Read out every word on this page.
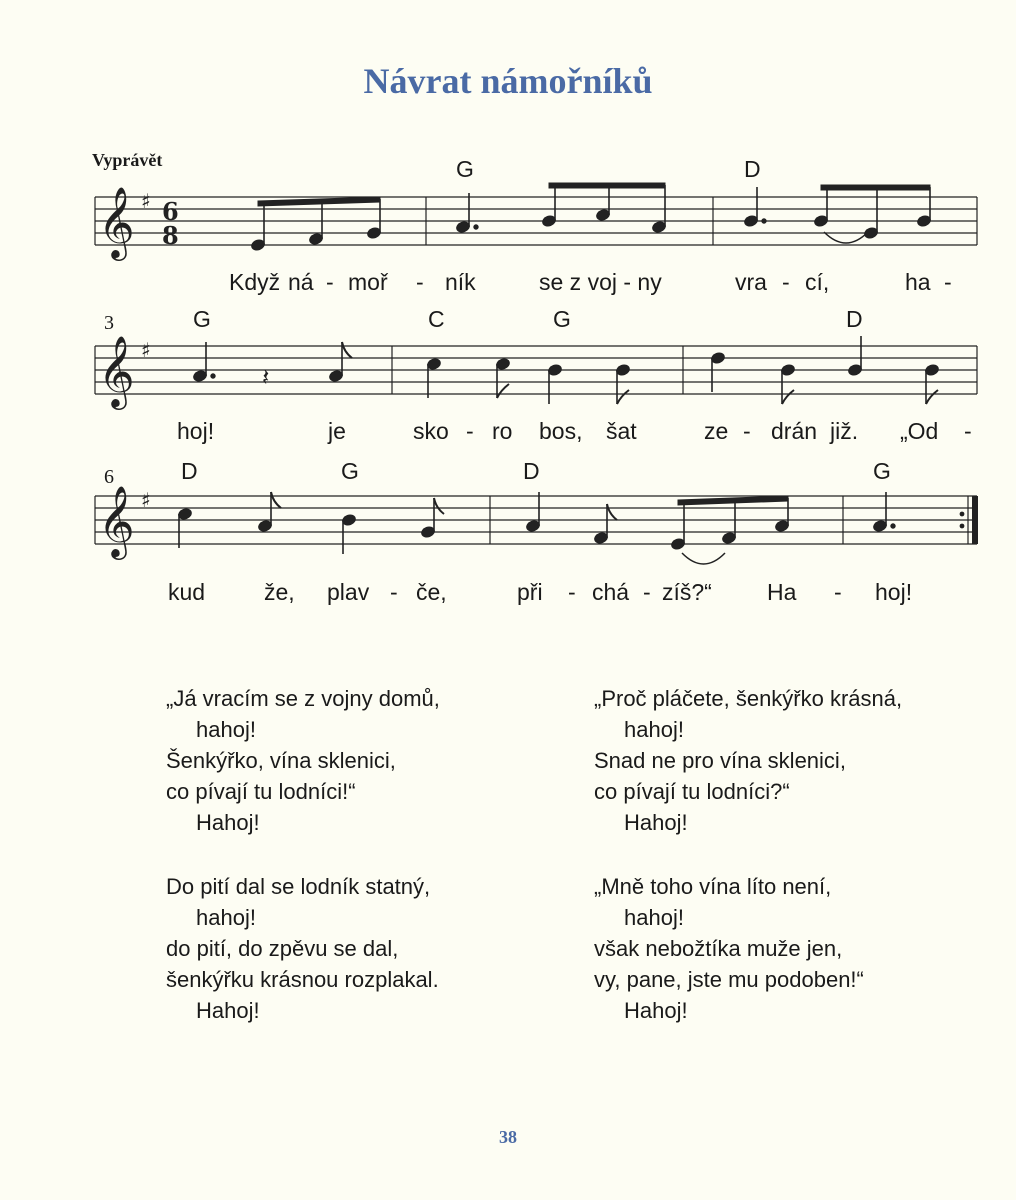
Návrat námořníků
Vyprávět
3
6
G	D
G	C	G	D
D	G	D	G
𝄞
𝄞
𝄞
♯
♯
♯
6
8
𝄽
Když ná - moř - ník	se z voj - ny	vra - cí,	ha -
hoj!	je	sko - ro bos, šat	ze - drán již. „Od -
kud	že, plav - če,	při - chá - zíš?“ Ha - hoj!
„Já vracím se z vojny domů,
hahoj!
Šenkýřko, vína sklenici,
co pívají tu lodníci!“
Hahoj!
„Proč pláčete, šenkýřko krásná,
hahoj!
Snad ne pro vína sklenici,
co pívají tu lodníci?“
Hahoj!
Do pití dal se lodník statný,
hahoj!
do pití, do zpěvu se dal,
šenkýřku krásnou rozplakal.
Hahoj!
„Mně toho vína líto není,
hahoj!
však nebožtíka muže jen,
vy, pane, jste mu podoben!“
Hahoj!
38
